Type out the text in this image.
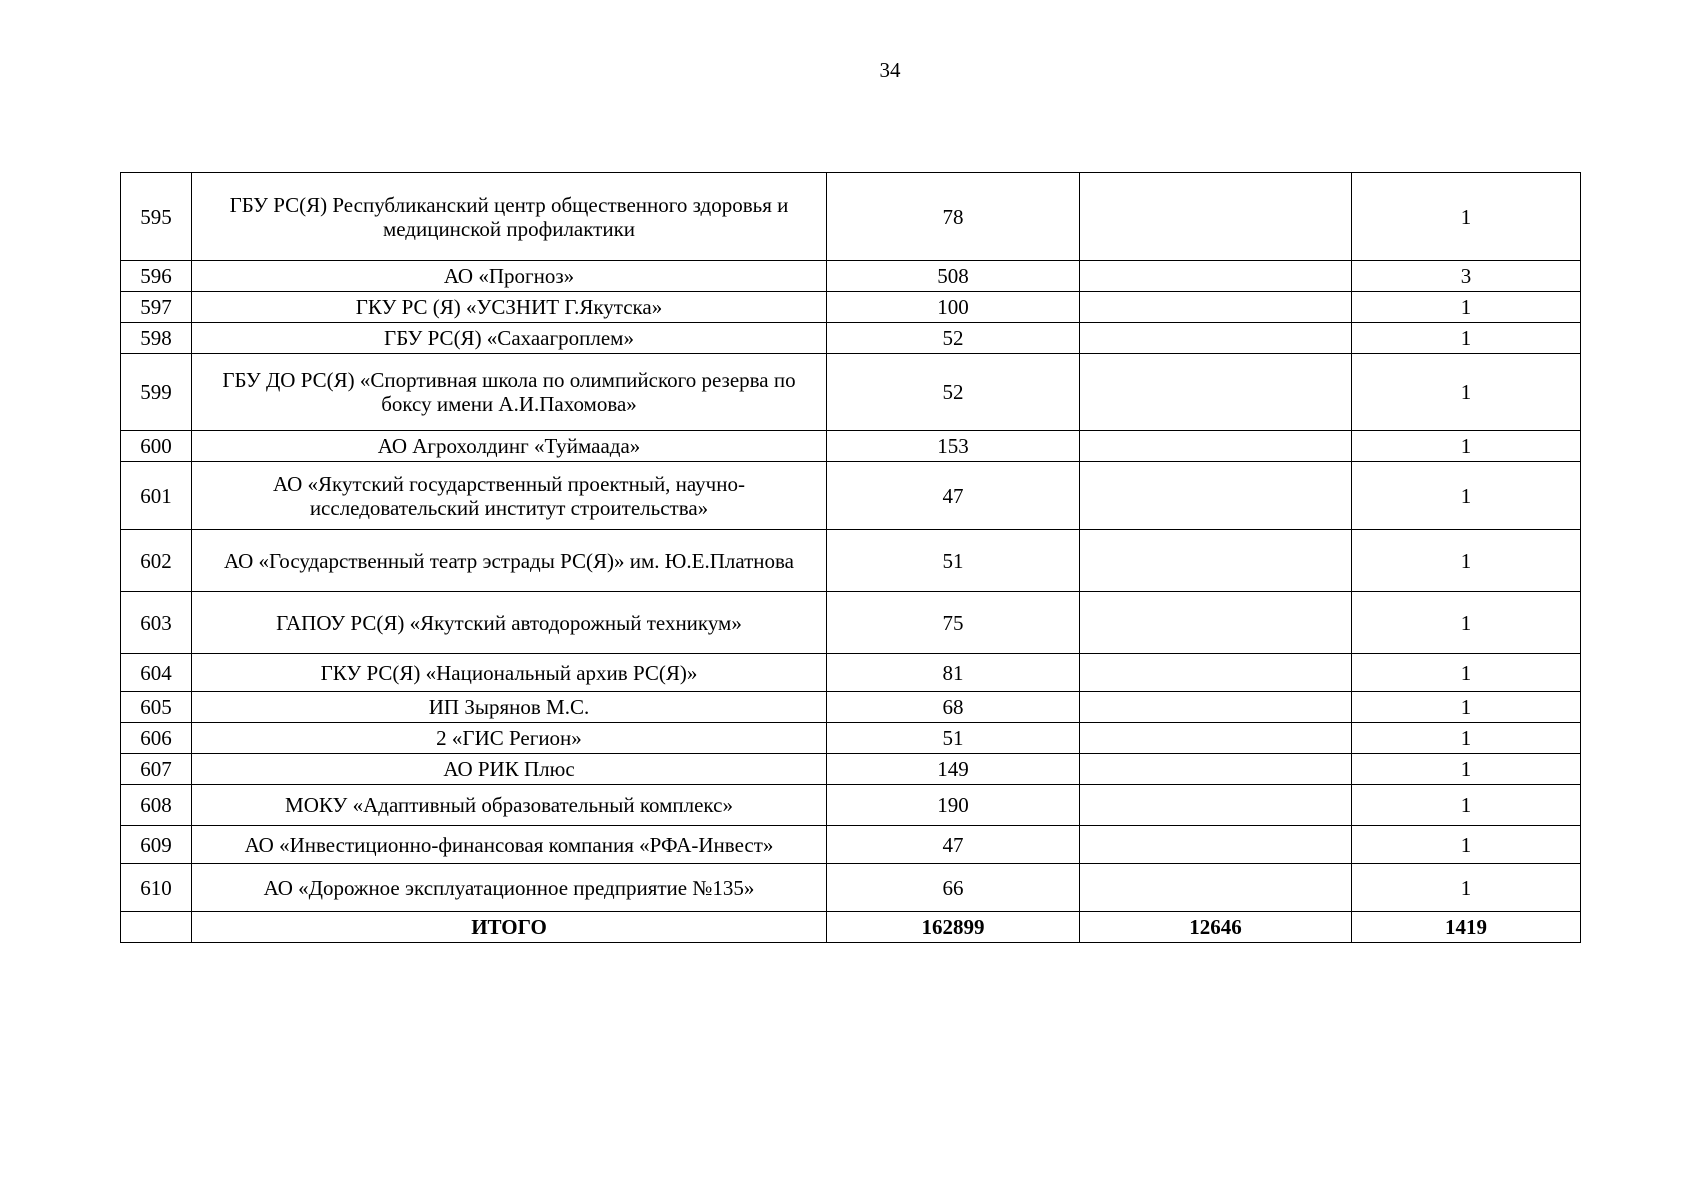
34
595	ГБУ РС(Я) Республиканский центр общественного здоровья и медицинской профилактики	78		1
596	АО «Прогноз»	508		3
597	ГКУ РС (Я) «УСЗНИТ Г.Якутска»	100		1
598	ГБУ РС(Я) «Сахаагроплем»	52		1
599	ГБУ ДО РС(Я) «Спортивная школа по олимпийского резерва по боксу имени А.И.Пахомова»	52		1
600	АО Агрохолдинг «Туймаада»	153		1
601	АО «Якутский государственный проектный, научно-исследовательский институт строительства»	47		1
602	АО «Государственный театр эстрады РС(Я)» им. Ю.Е.Платнова	51		1
603	ГАПОУ РС(Я) «Якутский автодорожный техникум»	75		1
604	ГКУ РС(Я) «Национальный архив РС(Я)»	81		1
605	ИП Зырянов М.С.	68		1
606	2 «ГИС Регион»	51		1
607	АО РИК Плюс	149		1
608	МОКУ «Адаптивный образовательный комплекс»	190		1
609	АО «Инвестиционно-финансовая компания «РФА-Инвест»	47		1
610	АО «Дорожное эксплуатационное предприятие №135»	66		1
	ИТОГО	162899	12646	1419
